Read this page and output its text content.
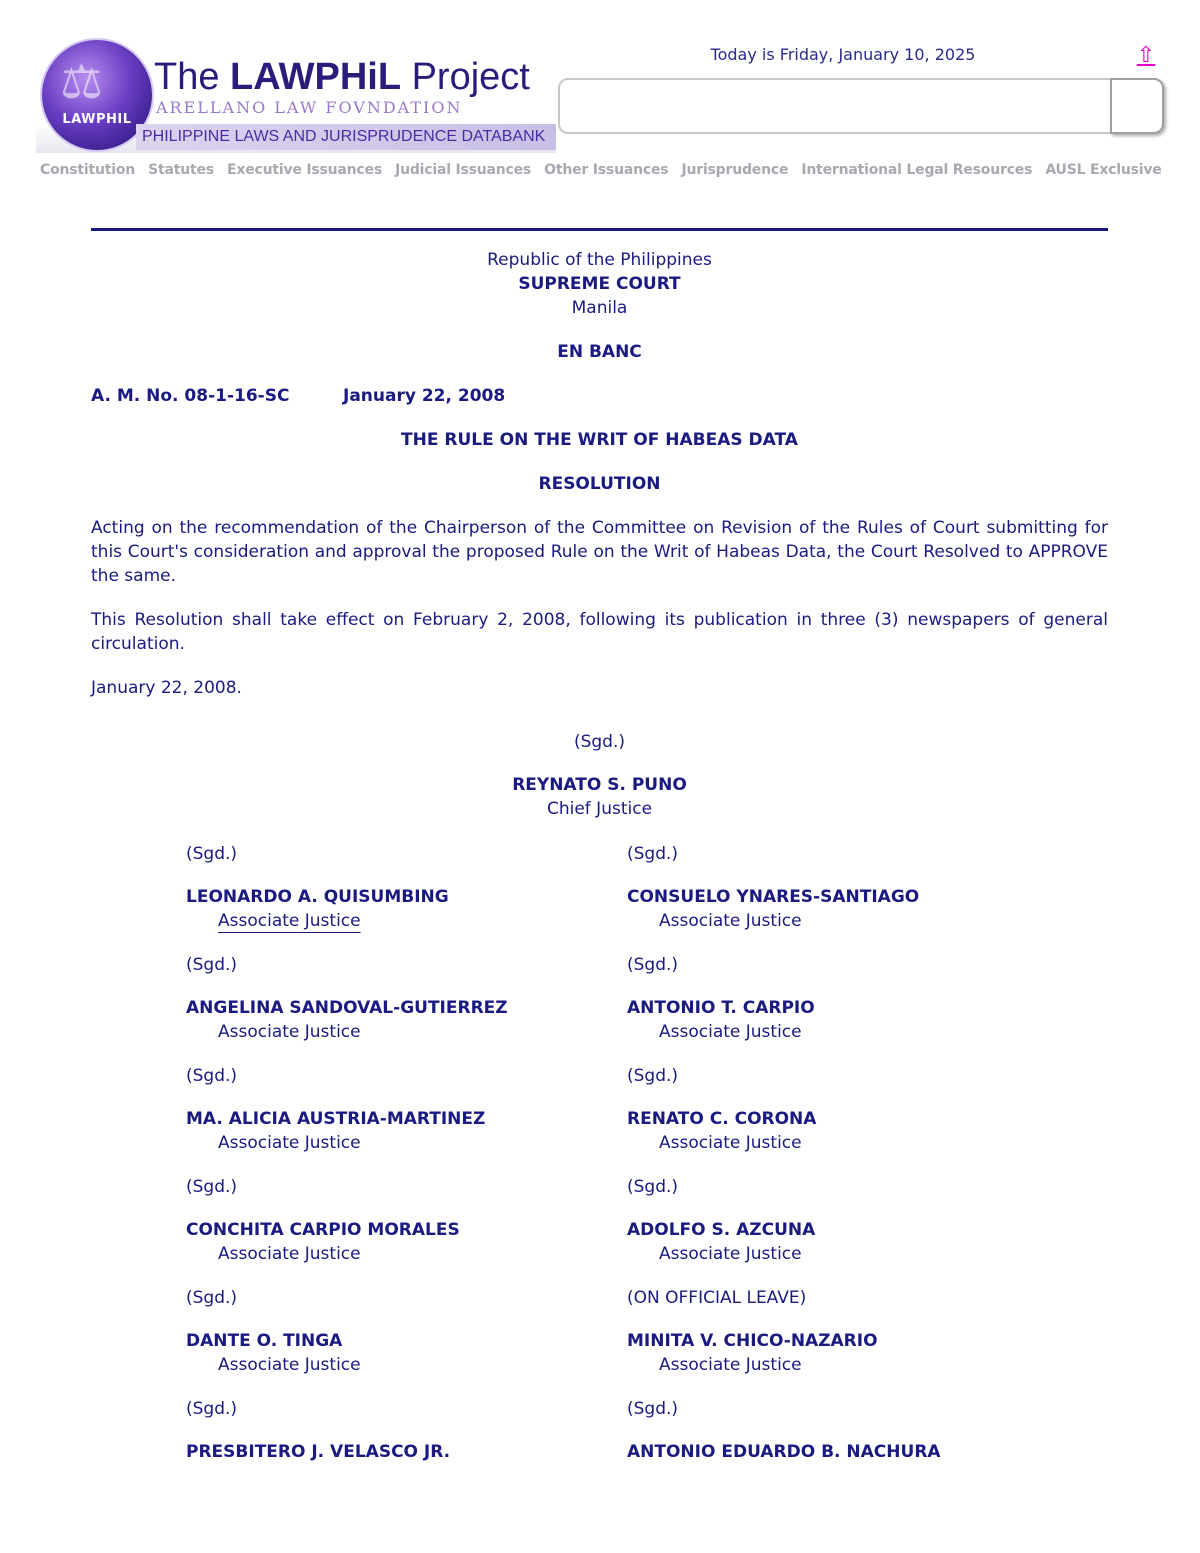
⚖
LAWPHIL
The LAWPHiL Project
ARELLANO LAW FOVNDATION
PHILIPPINE LAWS AND JURISPRUDENCE DATABANK
Today is Friday, January 10, 2025	⇧
Constitution Statutes Executive Issuances Judicial Issuances Other Issuances Jurisprudence International Legal Resources AUSL Exclusive

Republic of the Philippines

SUPREME COURT

Manila

EN BANC

A. M. No. 08-1-16-SC	January 22, 2008

THE RULE ON THE WRIT OF HABEAS DATA

RESOLUTION

Acting on the recommendation of the Chairperson of the Committee on Revision of the Rules of Court submitting for this Court's consideration and approval the proposed Rule on the Writ of Habeas Data, the Court Resolved to APPROVE the same.

This Resolution shall take effect on February 2, 2008, following its publication in three (3) newspapers of general circulation.

January 22, 2008.

(Sgd.)

REYNATO S. PUNO

Chief Justice

(Sgd.)
LEONARDO A. QUISUMBING
Associate Justice
(Sgd.)
ANGELINA SANDOVAL-GUTIERREZ
Associate Justice
(Sgd.)
MA. ALICIA AUSTRIA-MARTINEZ
Associate Justice
(Sgd.)
CONCHITA CARPIO MORALES
Associate Justice
(Sgd.)
DANTE O. TINGA
Associate Justice
(Sgd.)
PRESBITERO J. VELASCO JR.
(Sgd.)
CONSUELO YNARES-SANTIAGO
Associate Justice
(Sgd.)
ANTONIO T. CARPIO
Associate Justice
(Sgd.)
RENATO C. CORONA
Associate Justice
(Sgd.)
ADOLFO S. AZCUNA
Associate Justice
(ON OFFICIAL LEAVE)
MINITA V. CHICO-NAZARIO
Associate Justice
(Sgd.)
ANTONIO EDUARDO B. NACHURA
